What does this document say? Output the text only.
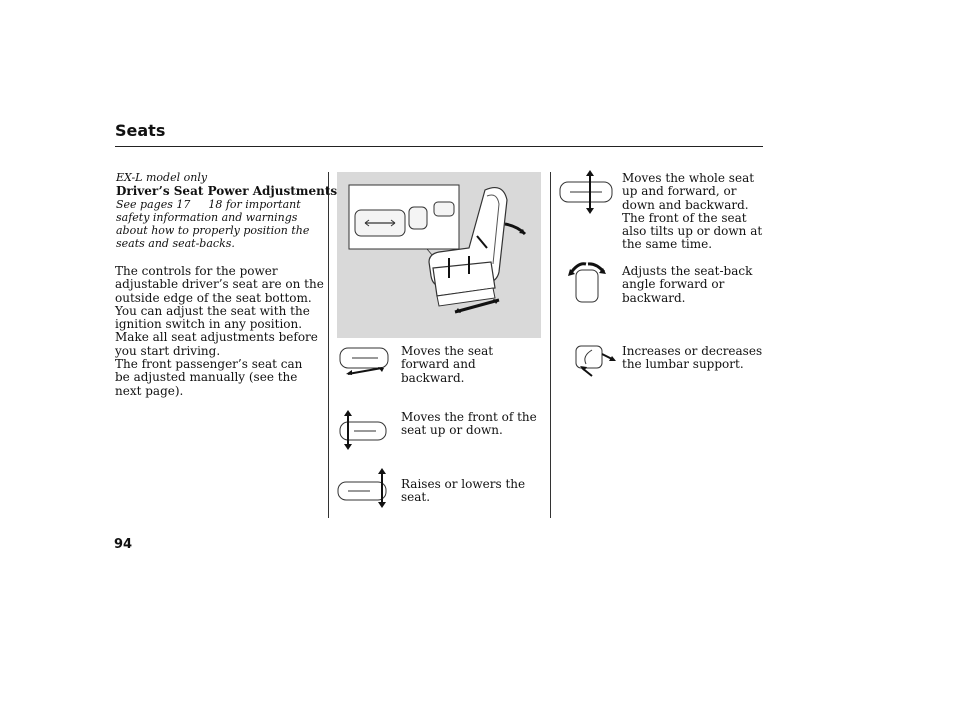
Seats
EX-L model only
Driver’s Seat Power Adjustments
See pages 17   18 for important safety information and warnings about how to properly position the seats and seat-backs.
The controls for the power adjustable driver’s seat are on the outside edge of the seat bottom. You can adjust the seat with the ignition switch in any position. Make all seat adjustments before you start driving.
The front passenger’s seat can be adjusted manually (see the next page).
Moves the seat forward and backward.
Moves the front of the seat up or down.
Raises or lowers the seat.
Moves the whole seat up and forward, or down and backward. The front of the seat also tilts up or down at the same time.
Adjusts the seat-back angle forward or backward.
Increases or decreases the lumbar support.
94
